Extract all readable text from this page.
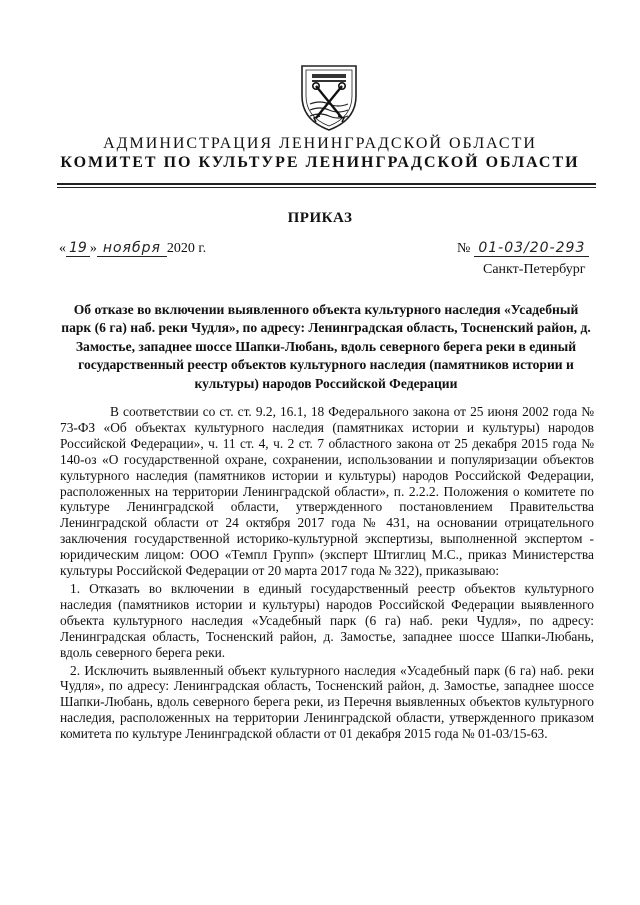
АДМИНИСТРАЦИЯ ЛЕНИНГРАДСКОЙ ОБЛАСТИ
КОМИТЕТ ПО КУЛЬТУРЕ ЛЕНИНГРАДСКОЙ ОБЛАСТИ
ПРИКАЗ
« 19 » ноября 2020 г.	№ 01-03/20-293
Санкт-Петербург
Об отказе во включении выявленного объекта культурного наследия «Усадебный парк (6 га) наб. реки Чудля», по адресу: Ленинградская область, Тосненский район, д. Замостье, западнее шоссе Шапки-Любань, вдоль северного берега реки в единый государственный реестр объектов культурного наследия (памятников истории и культуры) народов Российской Федерации

В соответствии со ст. ст. 9.2, 16.1, 18 Федерального закона от 25 июня 2002 года № 73-ФЗ «Об объектах культурного наследия (памятниках истории и культуры) народов Российской Федерации», ч. 11 ст. 4, ч. 2 ст. 7 областного закона от 25 декабря 2015 года № 140-оз «О государственной охране, сохранении, использовании и популяризации объектов культурного наследия (памятников истории и культуры) народов Российской Федерации, расположенных на территории Ленинградской области», п. 2.2.2. Положения о комитете по культуре Ленинградской области, утвержденного постановлением Правительства Ленинградской области от 24 октября 2017 года № 431, на основании отрицательного заключения государственной историко-культурной экспертизы, выполненной экспертом - юридическим лицом: ООО «Темпл Групп» (эксперт Штиглиц М.С., приказ Министерства культуры Российской Федерации от 20 марта 2017 года № 322), приказываю:

1. Отказать во включении в единый государственный реестр объектов культурного наследия (памятников истории и культуры) народов Российской Федерации выявленного объекта культурного наследия «Усадебный парк (6 га) наб. реки Чудля», по адресу: Ленинградская область, Тосненский район, д. Замостье, западнее шоссе Шапки-Любань, вдоль северного берега реки.

2. Исключить выявленный объект культурного наследия «Усадебный парк (6 га) наб. реки Чудля», по адресу: Ленинградская область, Тосненский район, д. Замостье, западнее шоссе Шапки-Любань, вдоль северного берега реки, из Перечня выявленных объектов культурного наследия, расположенных на территории Ленинградской области, утвержденного приказом комитета по культуре Ленинградской области от 01 декабря 2015 года № 01-03/15-63.
